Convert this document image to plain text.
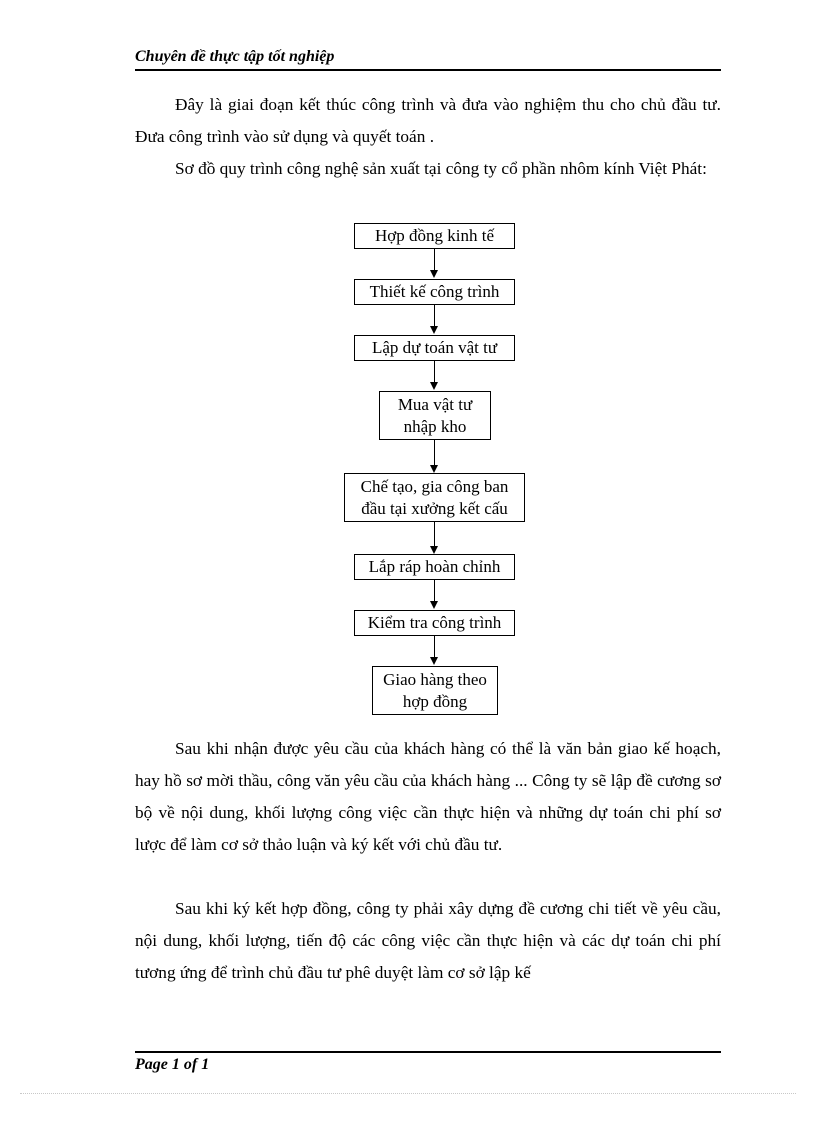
Chuyên đề thực tập tốt nghiệp

Đây là giai đoạn kết thúc công trình và đưa vào nghiệm thu cho chủ đầu tư. Đưa công trình vào sử dụng và quyết toán .

Sơ đồ quy trình công nghệ sản xuất tại công ty cổ phần nhôm kính Việt Phát:

Hợp đồng kinh tế
Thiết kế công trình
Lập dự toán vật tư
Mua vật tư
nhập kho
Chế tạo, gia công ban
đầu tại xưởng kết cấu
Lắp ráp hoàn chỉnh
Kiểm tra công trình
Giao hàng theo
hợp đồng

Sau khi nhận được yêu cầu của khách hàng có thể là văn bản giao kế hoạch, hay hồ sơ mời thầu, công văn yêu cầu của khách hàng ... Công ty sẽ lập đề cương sơ bộ về nội dung, khối lượng công việc cần thực hiện và những dự toán chi phí sơ lược để làm cơ sở thảo luận và ký kết với chủ đầu tư.

Sau khi ký kết hợp đồng, công ty phải xây dựng đề cương chi tiết về yêu cầu, nội dung, khối lượng, tiến độ các công việc cần thực hiện và các dự toán chi phí tương ứng để trình chủ đầu tư phê duyệt làm cơ sở lập kế

Page 1 of 1
